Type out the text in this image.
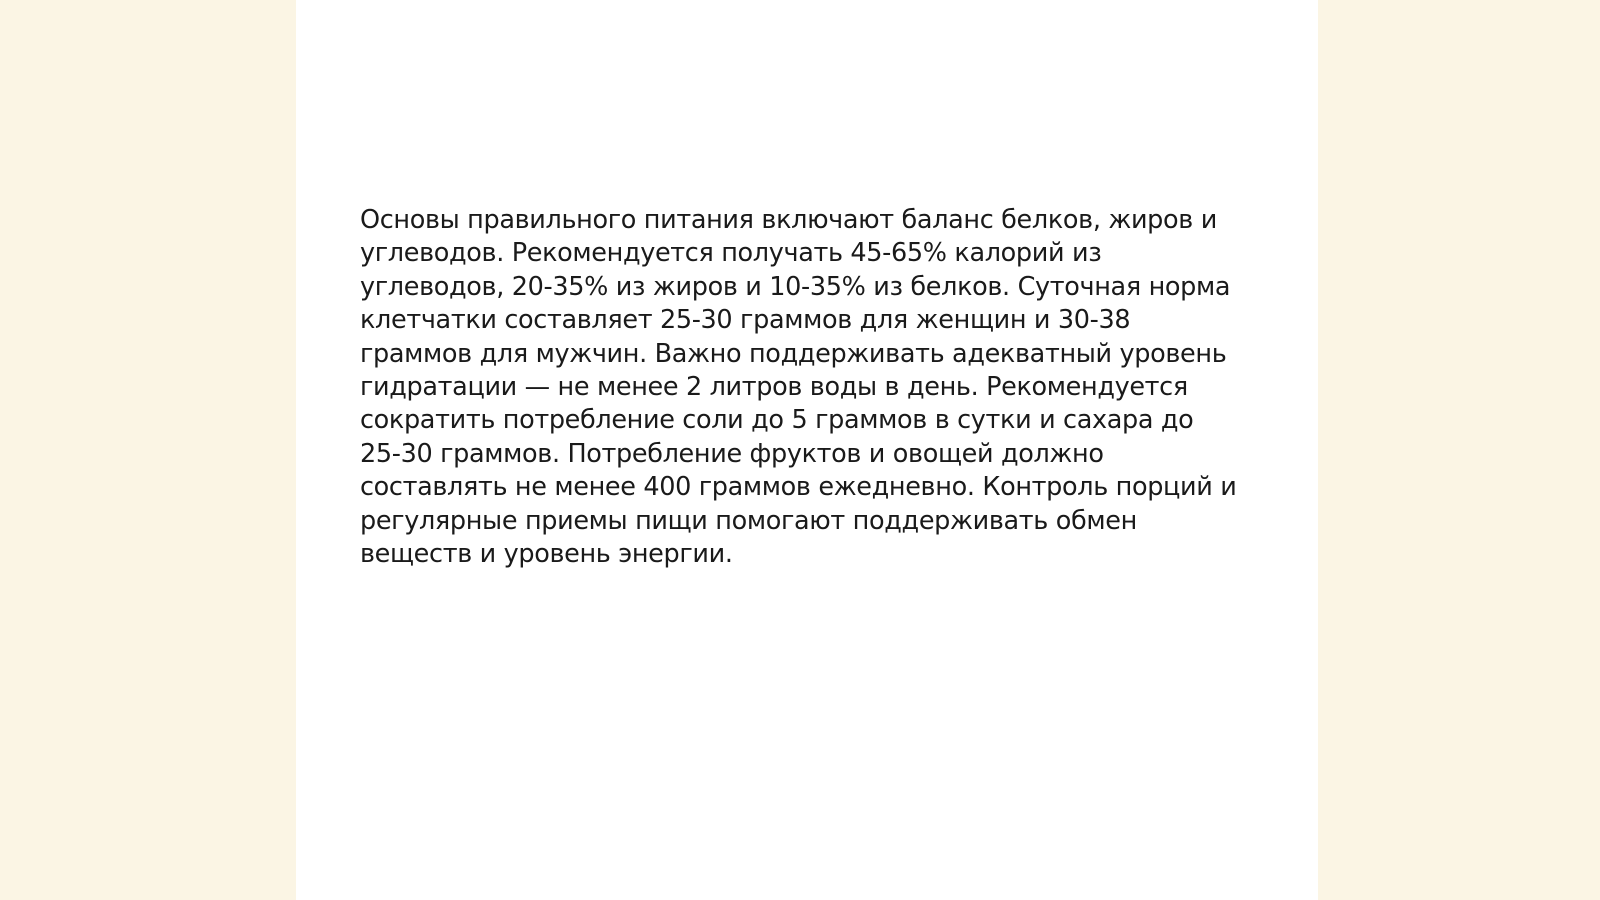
Основы правильного питания включают баланс белков, жиров и углеводов. Рекомендуется получать 45-65% калорий из углеводов, 20-35% из жиров и 10-35% из белков. Суточная норма клетчатки составляет 25-30 граммов для женщин и 30-38 граммов для мужчин. Важно поддерживать адекватный уровень гидратации — не менее 2 литров воды в день. Рекомендуется сократить потребление соли до 5 граммов в сутки и сахара до 25-30 граммов. Потребление фруктов и овощей должно составлять не менее 400 граммов ежедневно. Контроль порций и регулярные приемы пищи помогают поддерживать обмен веществ и уровень энергии.
